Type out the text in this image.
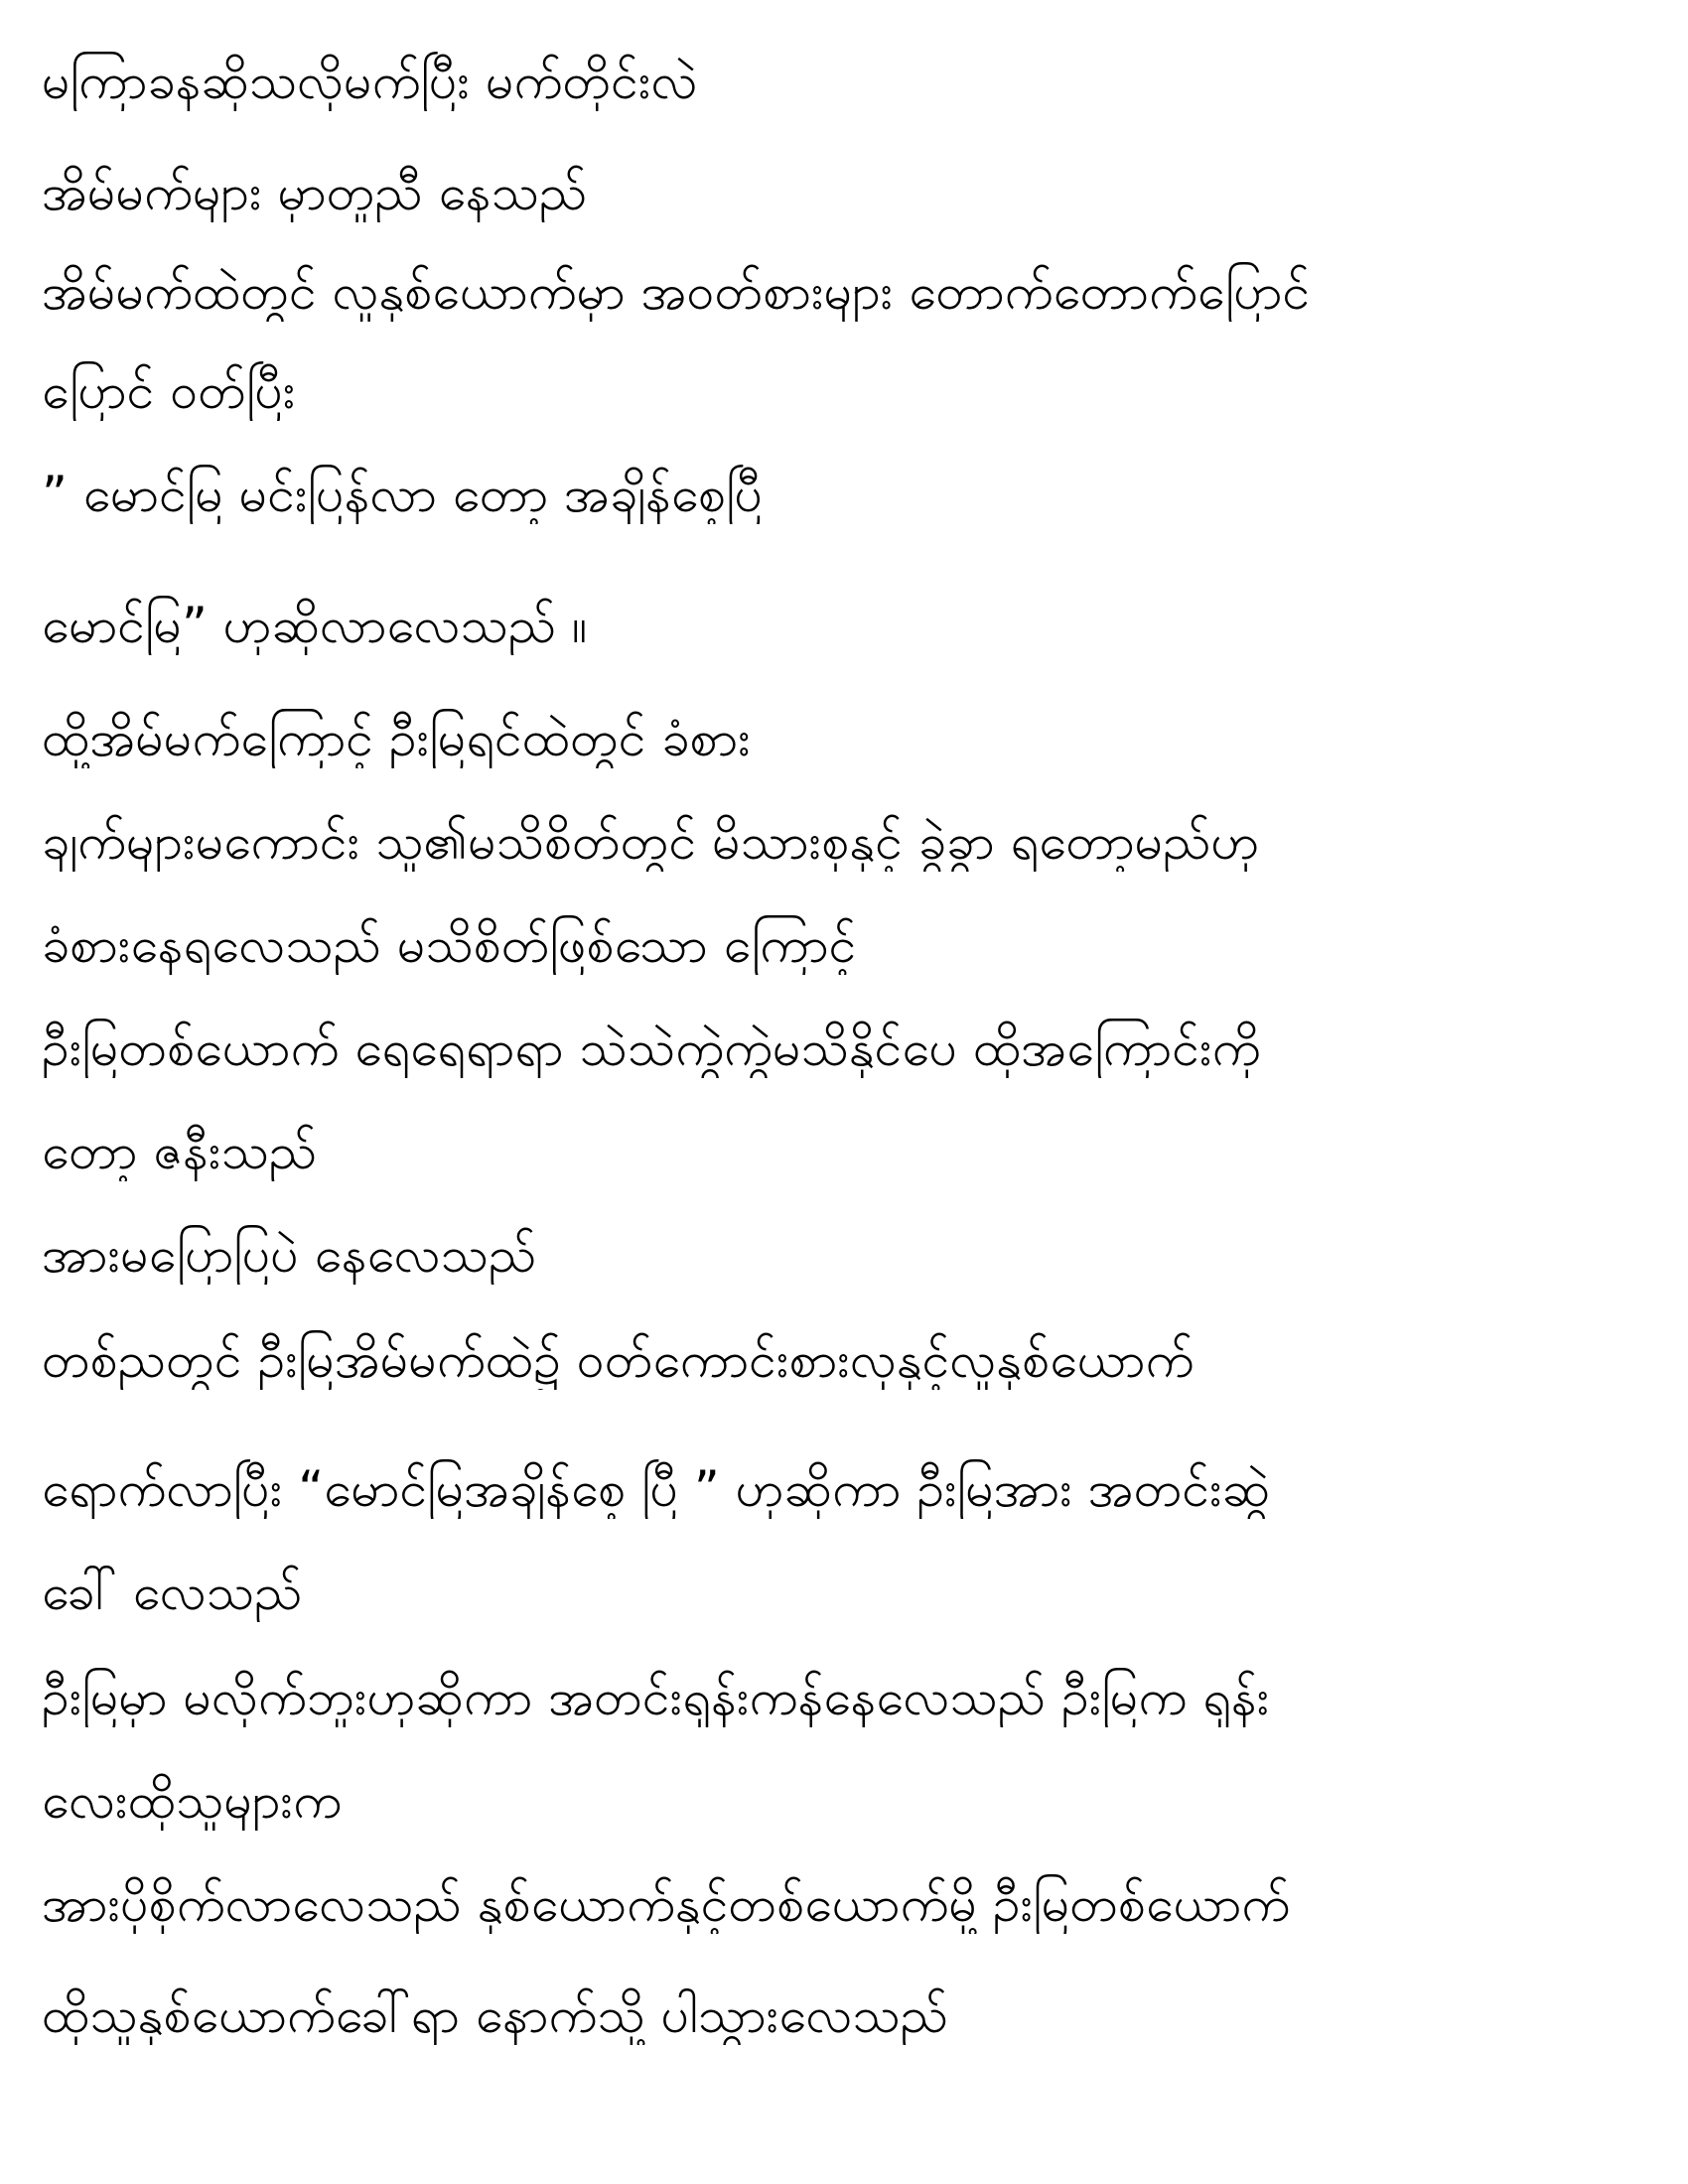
မကြာခနဆိုသလိုမက်ပြီး မက်တိုင်းလဲ
အိမ်မက်များ မှာတူညီ နေသည်
အိမ်မက်ထဲတွင် လူနှစ်ယောက်မှာ အဝတ်စားများ တောက်တောက်ပြောင်
ပြောင် ဝတ်ပြီး
” မောင်မြ မင်းပြန်လာ တော့ အချိန်စေ့ပြီ
မောင်မြ” ဟုဆိုလာလေသည် ။
ထို့အိမ်မက်ကြောင့် ဦးမြရင်ထဲတွင် ခံစား
ချက်များမကောင်း သူ၏မသိစိတ်တွင် မိသားစုနှင့် ခွဲခွာ ရတော့မည်ဟု
ခံစားနေရလေသည် မသိစိတ်ဖြစ်သော ကြောင့်
ဦးမြတစ်ယောက် ရေရေရာရာ သဲသဲကွဲကွဲမသိနိုင်ပေ ထိုအကြောင်းကို
တော့ ဇနီးသည်
အားမပြောပြပဲ နေလေသည်
တစ်ညတွင် ဦးမြအိမ်မက်ထဲ၌ ဝတ်ကောင်းစားလှနှင့်လူနှစ်ယောက်
ရောက်လာပြီး “မောင်မြအချိန်စေ့ ပြီ ” ဟုဆိုကာ ဦးမြအား အတင်းဆွဲ
ခေါ် လေသည်
ဦးမြမှာ မလိုက်ဘူးဟုဆိုကာ အတင်းရုန်းကန်နေလေသည် ဦးမြက ရုန်း
လေးထိုသူများက
အားပိုစိုက်လာလေသည် နှစ်ယောက်နှင့်တစ်ယောက်မို့ ဦးမြတစ်ယောက်
ထိုသူနှစ်ယောက်ခေါ်ရာ နောက်သို့ ပါသွားလေသည်
